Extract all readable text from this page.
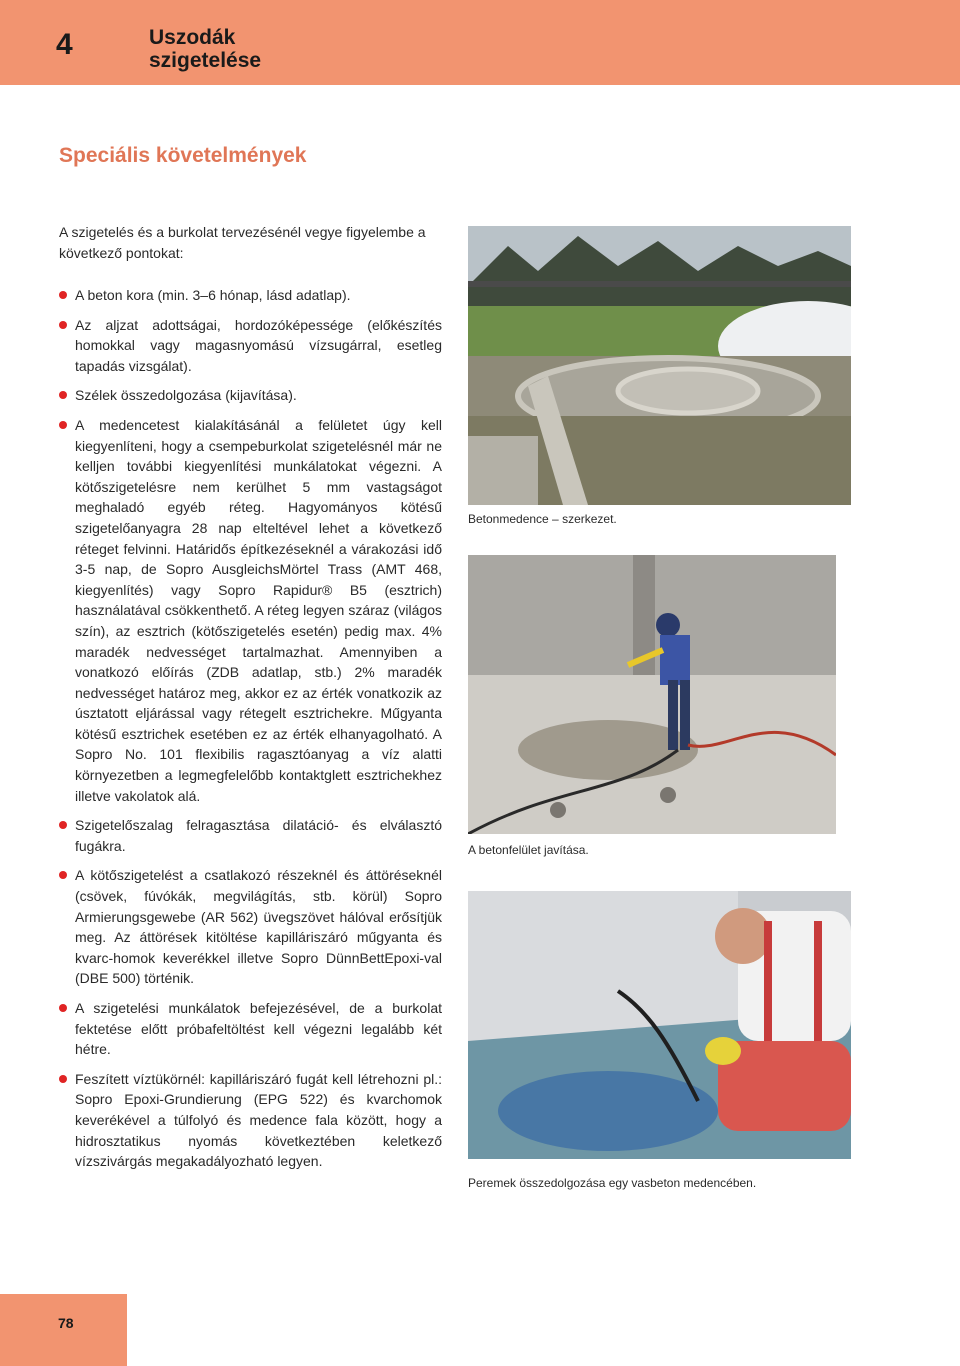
4	Uszodák
szigetelése
Speciális követelmények

A szigetelés és a burkolat tervezésénél vegye figyelembe a következő pontokat:

A beton kora (min. 3–6 hónap, lásd adatlap).
Az aljzat adottságai, hordozóképessége (előkészítés homokkal vagy magasnyomású vízsugárral, esetleg tapadás vizsgálat).
Szélek összedolgozása (kijavítása).
A medencetest kialakításánál a felületet úgy kell kiegyenlíteni, hogy a csempeburkolat szigetelésnél már ne kelljen további kiegyenlítési munkálatokat végezni. A kötőszigetelésre nem kerülhet 5 mm vastagságot meghaladó egyéb réteg. Hagyományos kötésű szigetelőanyagra 28 nap elteltével lehet a következő réteget felvinni. Határidős építkezéseknél a várakozási idő 3-5 nap, de Sopro AusgleichsMörtel Trass (AMT 468, kiegyenlítés) vagy Sopro Rapidur® B5 (esztrich) használatával csökkenthető. A réteg legyen száraz (világos szín), az esztrich (kötőszigetelés esetén) pedig max. 4% maradék nedvességet tartalmazhat. Amennyiben a vonatkozó előírás (ZDB adatlap, stb.) 2% maradék nedvességet határoz meg, akkor ez az érték vonatkozik az úsztatott eljárással vagy rétegelt esztrichekre. Műgyanta kötésű esztrichek esetében ez az érték elhanyagolható. A Sopro No. 101 flexibilis ragasztóanyag a víz alatti környezetben a legmegfelelőbb kontaktglett esztrichekhez illetve vakolatok alá.
Szigetelőszalag felragasztása dilatáció- és elválasztó fugákra.
A kötőszigetelést a csatlakozó részeknél és áttöréseknél (csövek, fúvókák, megvilágítás, stb. körül) Sopro Armierungsgewebe (AR 562) üvegszövet hálóval erősítjük meg. Az áttörések kitöltése kapilláriszáró műgyanta és kvarc-homok keverékkel illetve Sopro DünnBettEpoxi-val (DBE 500) történik.
A szigetelési munkálatok befejezésével, de a burkolat fektetése előtt próbafeltöltést kell végezni legalább két hétre.
Feszített víztükörnél: kapilláriszáró fugát kell létrehozni pl.: Sopro Epoxi-Grundierung (EPG 522) és kvarchomok keverékével a túlfolyó és medence fala között, hogy a hidrosztatikus nyomás következtében keletkező vízszivárgás megakadályozható legyen.
Betonmedence – szerkezet.
A betonfelület javítása.
Peremek összedolgozása egy vasbeton medencében.
78
